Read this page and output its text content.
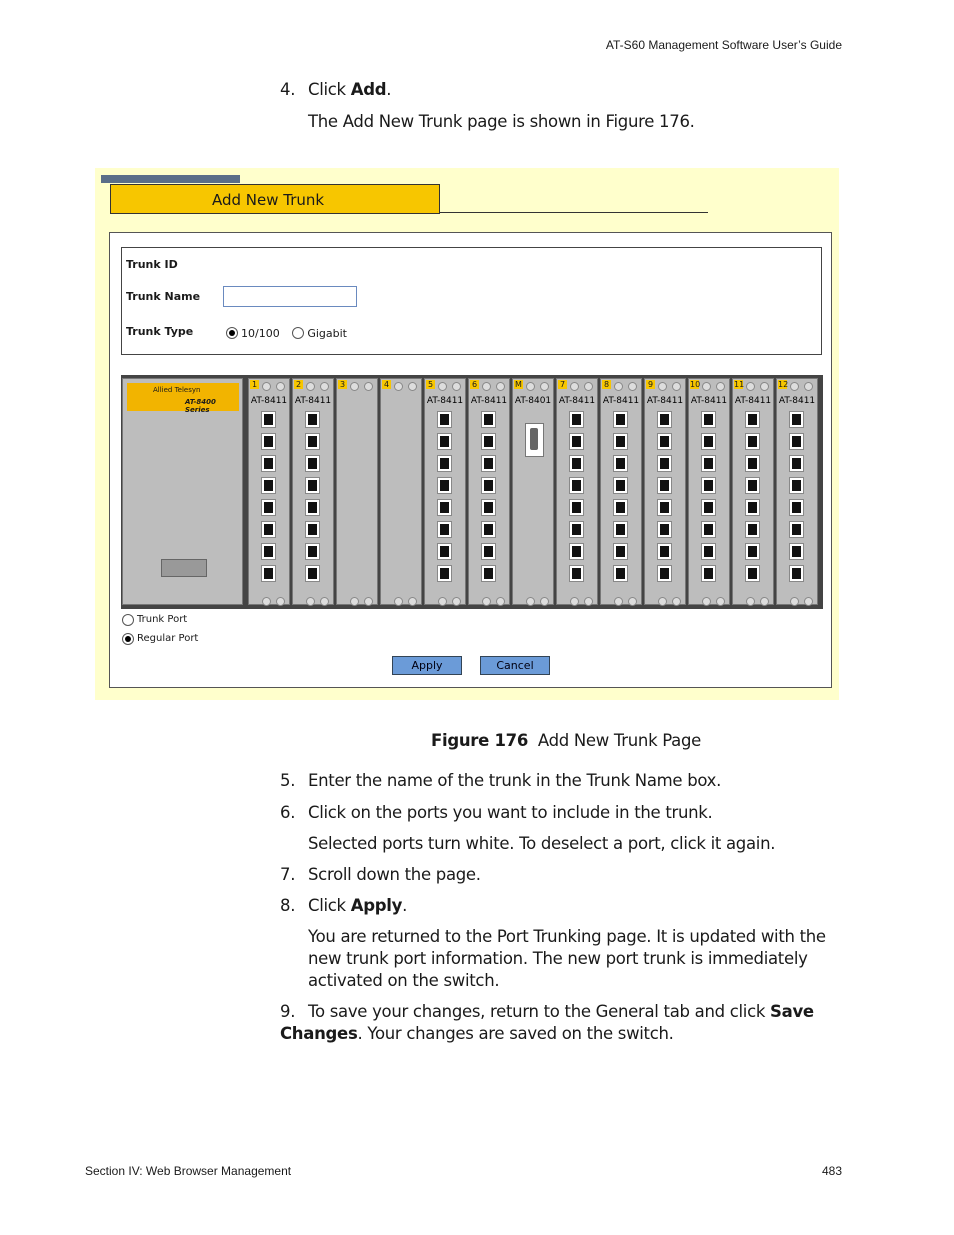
AT-S60 Management Software User’s Guide
4. Click Add.
The Add New Trunk page is shown in Figure 176.
Add New Trunk
Trunk ID
Trunk Name
Trunk Type	10/100	Gigabit
Allied Telesyn
AT-8400 Series
1
AT-8411
2
AT-8411
3	4	5
AT-8411
6
AT-8411
M
AT-8401
7
AT-8411
8
AT-8411
9
AT-8411
10
AT-8411
11
AT-8411
12
AT-8411
Trunk Port
Regular Port
Apply	Cancel
Figure 176 Add New Trunk Page
5. Enter the name of the trunk in the Trunk Name box.
6. Click on the ports you want to include in the trunk.
Selected ports turn white. To deselect a port, click it again.
7. Scroll down the page.
8. Click Apply.
You are returned to the Port Trunking page. It is updated with the new trunk port information. The new port trunk is immediately activated on the switch.
9. To save your changes, return to the General tab and click Save Changes. Your changes are saved on the switch.
Section IV: Web Browser Management	483
